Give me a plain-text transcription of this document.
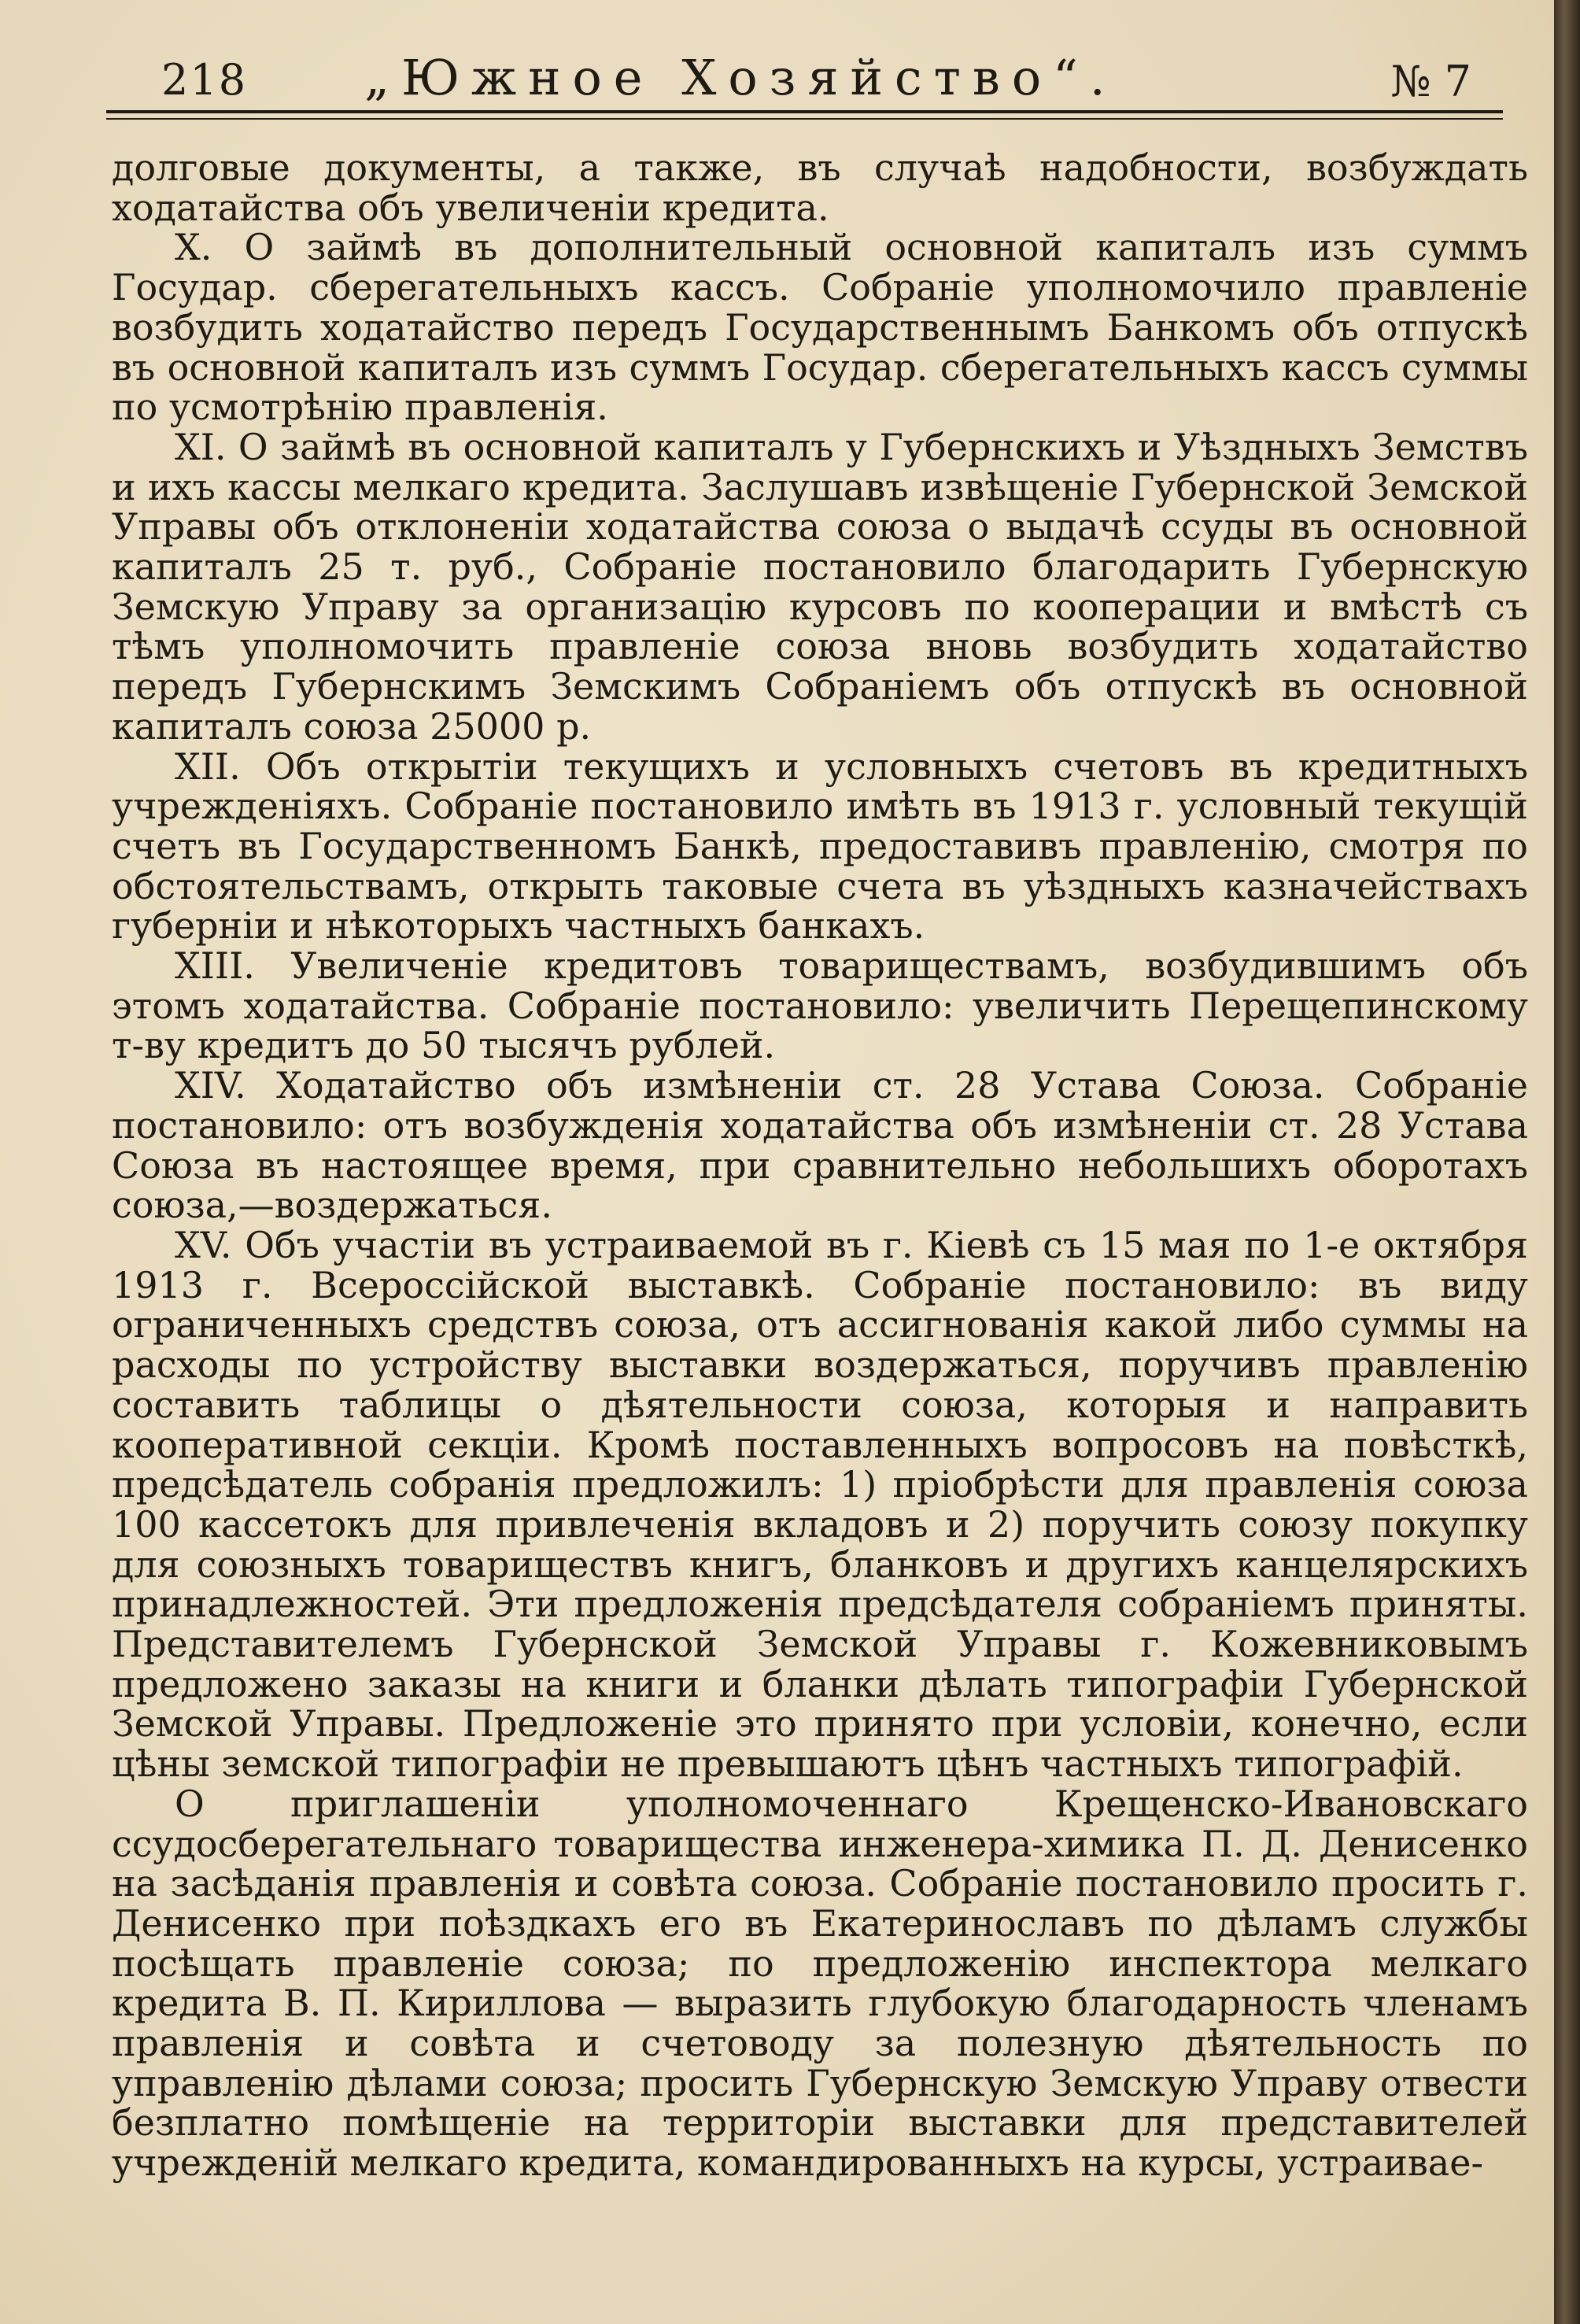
218 „Южное Хозяйство“.	№ 7

долговые документы, а также, въ случаѣ надобности, возбуждать ходатайства объ увеличеніи кредита.

X. О займѣ въ дополнительный основной капиталъ изъ суммъ Государ. сберегательныхъ кассъ. Собраніе уполномочило правленіе возбудить ходатайство передъ Государственнымъ Банкомъ объ отпускѣ въ основной капиталъ изъ суммъ Государ. сберегательныхъ кассъ суммы по усмотрѣнію правленія.

XI. О займѣ въ основной капиталъ у Губернскихъ и Уѣздныхъ Земствъ и ихъ кассы мелкаго кредита. Заслушавъ извѣщеніе Губернской Земской Управы объ отклоненіи ходатайства союза о выдачѣ ссуды въ основной капиталъ 25 т. руб., Собраніе постановило благодарить Губернскую Земскую Управу за организацію курсовъ по кооперации и вмѣстѣ съ тѣмъ уполномочить правленіе союза вновь возбудить ходатайство передъ Губернскимъ Земскимъ Собраніемъ объ отпускѣ въ основной капиталъ союза 25000 р.

XII. Объ открытіи текущихъ и условныхъ счетовъ въ кредитныхъ учрежденіяхъ. Собраніе постановило имѣть въ 1913 г. условный текущій счетъ въ Государственномъ Банкѣ, предоставивъ правленію, смотря по обстоятельствамъ, открыть таковые счета въ уѣздныхъ казначействахъ губерніи и нѣкоторыхъ частныхъ банкахъ.

XIII. Увеличеніе кредитовъ товариществамъ, возбудившимъ объ этомъ ходатайства. Собраніе постановило: увеличить Перещепинскому т-ву кредитъ до 50 тысячъ рублей.

XIV. Ходатайство объ измѣненіи ст. 28 Устава Союза. Собраніе постановило: отъ возбужденія ходатайства объ измѣненіи ст. 28 Устава Союза въ настоящее время, при сравнительно небольшихъ оборотахъ союза,—воздержаться.

XV. Объ участіи въ устраиваемой въ г. Кіевѣ съ 15 мая по 1-е октября 1913 г. Всероссійской выставкѣ. Собраніе постановило: въ виду ограниченныхъ средствъ союза, отъ ассигнованія какой либо суммы на расходы по устройству выставки воздержаться, поручивъ правленію составить таблицы о дѣятельности союза, которыя и направить кооперативной секціи. Кромѣ поставленныхъ вопросовъ на повѣсткѣ, предсѣдатель собранія предложилъ: 1) пріобрѣсти для правленія союза 100 кассетокъ для привлеченія вкладовъ и 2) поручить союзу покупку для союзныхъ товариществъ книгъ, бланковъ и другихъ канцелярскихъ принадлежностей. Эти предложенія предсѣдателя собраніемъ приняты. Представителемъ Губернской Земской Управы г. Кожевниковымъ предложено заказы на книги и бланки дѣлать типографіи Губернской Земской Управы. Предложеніе это принято при условіи, конечно, если цѣны земской типографіи не превышаютъ цѣнъ частныхъ типографій.

О приглашеніи уполномоченнаго Крещенско-Ивановскаго ссудосберегательнаго товарищества инженера-химика П. Д. Денисенко на засѣданія правленія и совѣта союза. Собраніе постановило просить г. Денисенко при поѣздкахъ его въ Екатеринославъ по дѣламъ службы посѣщать правленіе союза; по предложенію инспектора мелкаго кредита В. П. Кириллова — выразить глубокую благодарность членамъ правленія и совѣта и счетоводу за полезную дѣятельность по управленію дѣлами союза; просить Губернскую Земскую Управу отвести безплатно помѣщеніе на территоріи выставки для представителей учрежденій мелкаго кредита, командированныхъ на курсы, устраивае-
